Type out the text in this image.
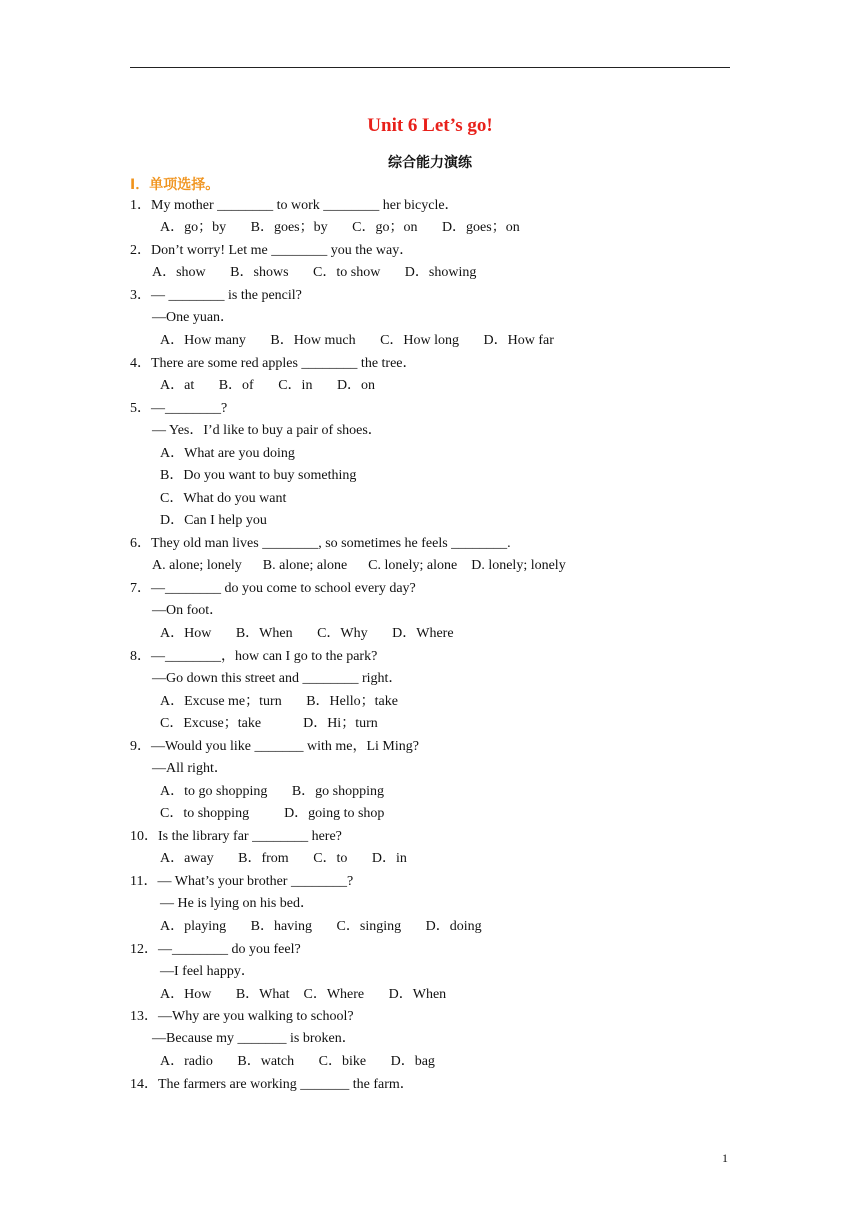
Unit 6 Let’s go!
综合能力演练
I．单项选择。
1．My mother ________ to work ________ her bicycle．
A．go；by       B．goes；by       C．go；on       D．goes；on
2．Don’t worry! Let me ________ you the way．
A．show       B．shows       C．to show       D．showing
3．— ________ is the pencil?
—One yuan．
A．How many       B．How much       C．How long       D．How far
4．There are some red apples ________ the tree．
A．at       B．of       C．in       D．on
5．—________?
— Yes．I’d like to buy a pair of shoes．
A．What are you doing
B．Do you want to buy something
C．What do you want
D．Can I help you
6．They old man lives ________, so sometimes he feels ________.
A. alone; lonely      B. alone; alone      C. lonely; alone    D. lonely; lonely
7．—________ do you come to school every day?
—On foot．
A．How       B．When       C．Why       D．Where
8．—________，how can I go to the park?
—Go down this street and ________ right．
A．Excuse me；turn       B．Hello；take
C．Excuse；take            D．Hi；turn
9．—Would you like _______ with me，Li Ming?
—All right．
A．to go shopping       B．go shopping
C．to shopping          D．going to shop
10．Is the library far ________ here?
A．away       B．from       C．to       D．in
11．— What’s your brother ________?
— He is lying on his bed．
A．playing       B．having       C．singing       D．doing
12．—________ do you feel?
—I feel happy．
A．How       B．What    C．Where       D．When
13．—Why are you walking to school?
—Because my _______ is broken．
A．radio       B．watch       C．bike       D．bag
14．The farmers are working _______ the farm．
1
